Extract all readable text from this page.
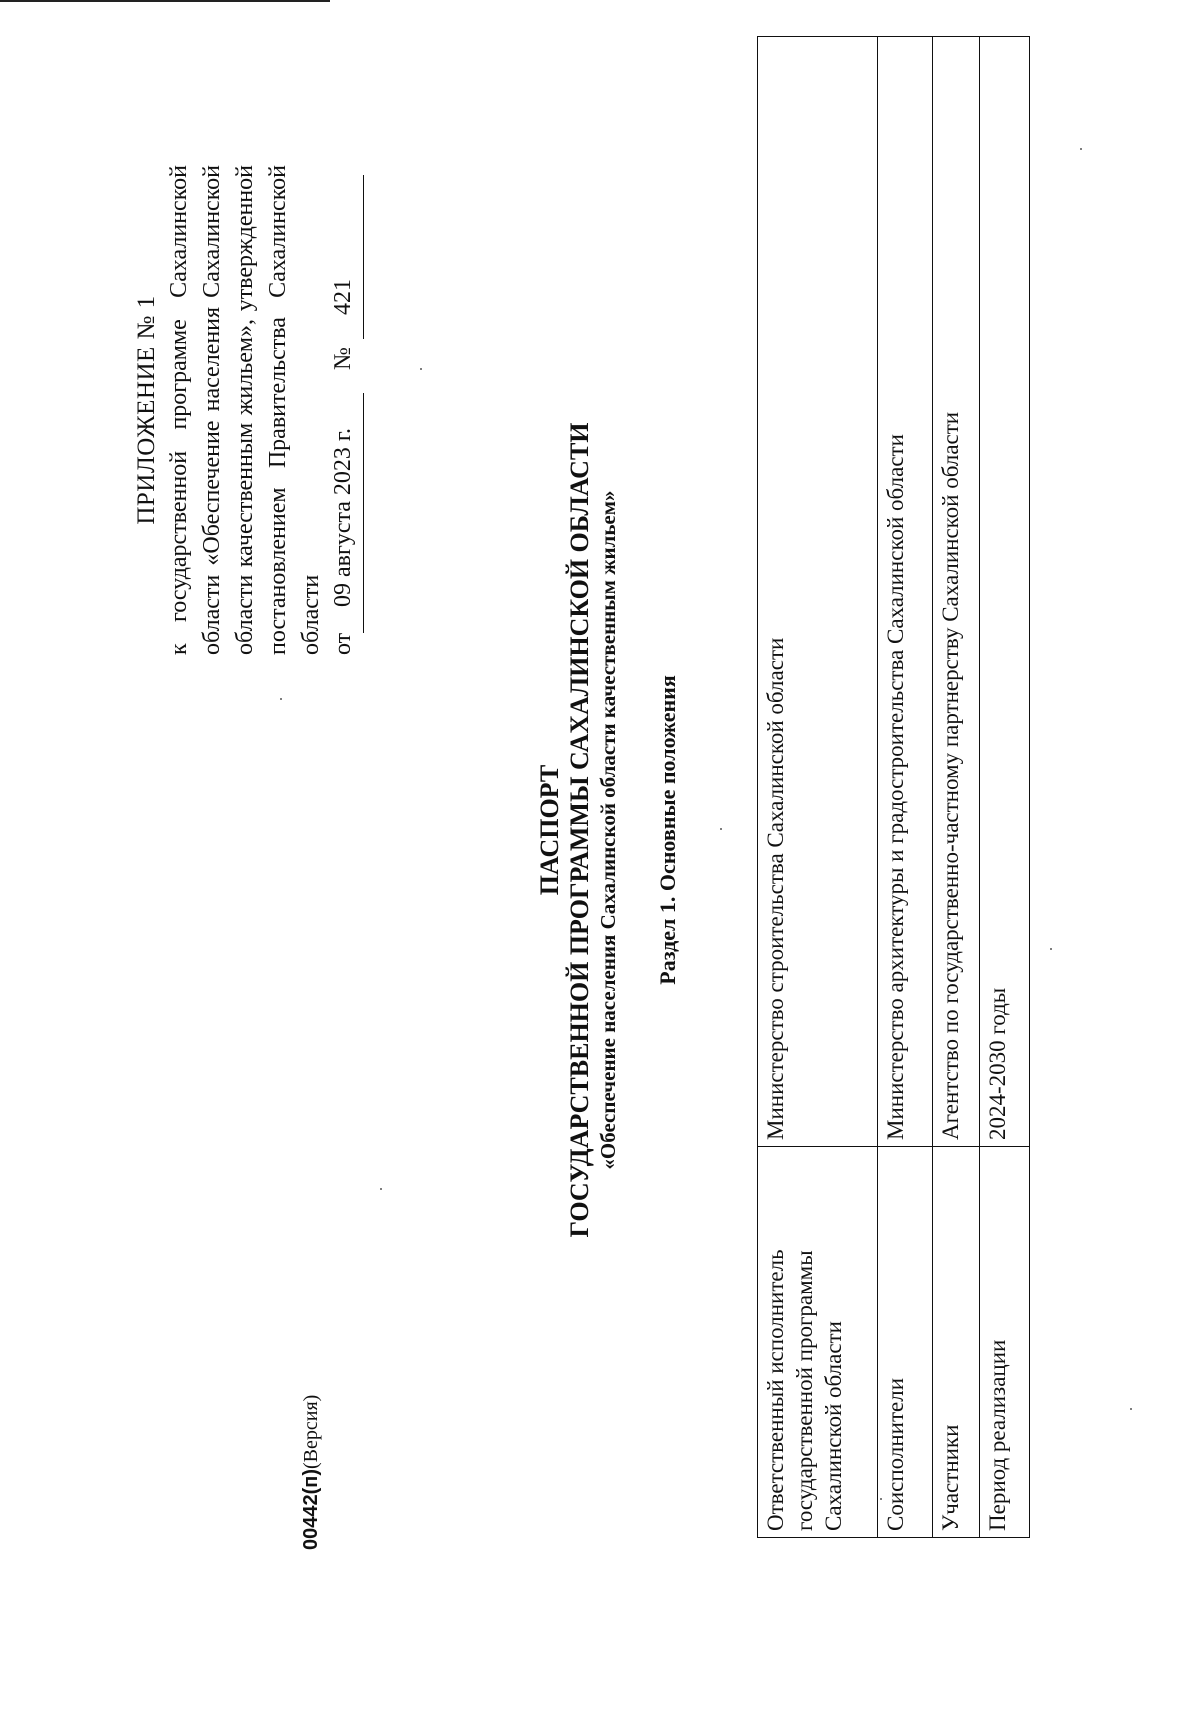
ПРИЛОЖЕНИЕ № 1 к государственной программе Сахалинской области «Обеспечение населения Сахалинской области качественным жильем», утвержденной постановлением Правительства Сахалинской области от
09 августа 2023 г.
№
421
ПАСПОРТ ГОСУДАРСТВЕННОЙ ПРОГРАММЫ САХАЛИНСКОЙ ОБЛАСТИ «Обеспечение населения Сахалинской области качественным жильем» Раздел 1. Основные положения
Ответственный исполнитель государственной программы Сахалинской области	Министерство строительства Сахалинской области
Соисполнители	Министерство архитектуры и градостроительства Сахалинской области
Участники	Агентство по государственно-частному партнерству Сахалинской области
Период реализации	2024-2030 годы
00442(п)(Версия)
